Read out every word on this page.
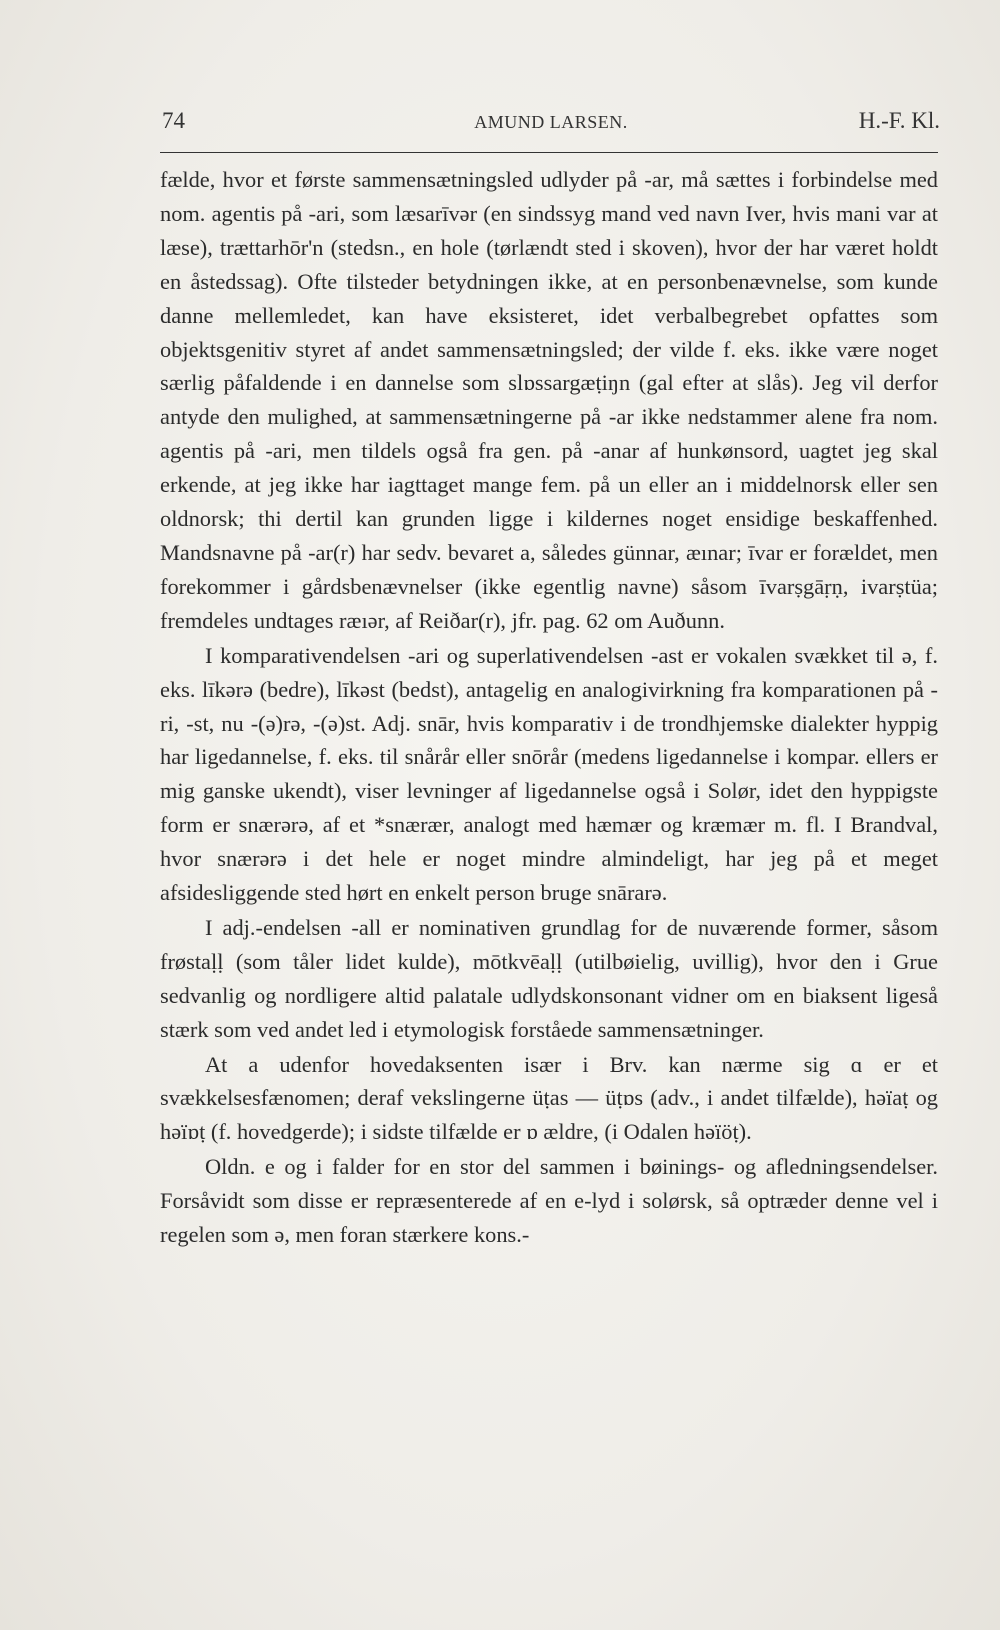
74	AMUND LARSEN.	H.-F. Kl.

fælde, hvor et første sammensætningsled udlyder på -ar, må sættes i forbindelse med nom. agentis på -ari, som læsarīvər (en sindssyg mand ved navn Iver, hvis mani var at læse), trættarhōr'n (stedsn., en hole (tørlændt sted i skoven), hvor der har været holdt en åstedssag). Ofte tilsteder betydningen ikke, at en personbenævnelse, som kunde danne mellemledet, kan have eksisteret, idet verbalbegrebet opfattes som objektsgenitiv styret af andet sammensætningsled; der vilde f. eks. ikke være noget særlig påfaldende i en dannelse som slɒssargæṭiŋn (gal efter at slås). Jeg vil derfor antyde den mulighed, at sammensætningerne på -ar ikke nedstammer alene fra nom. agentis på -ari, men tildels også fra gen. på -anar af hunkønsord, uagtet jeg skal erkende, at jeg ikke har iagttaget mange fem. på un eller an i middelnorsk eller sen oldnorsk; thi dertil kan grunden ligge i kildernes noget ensidige beskaffenhed. Mandsnavne på -ar(r) har sedv. bevaret a, således günnar, æınar; īvar er forældet, men forekommer i gårdsbenævnelser (ikke egentlig navne) såsom īvarṣgāṛṇ, ivarṣtüa; fremdeles undtages ræıər, af Reiðar(r), jfr. pag. 62 om Auðunn.

I komparativendelsen -ari og superlativendelsen -ast er vokalen svækket til ə, f. eks. līkərə (bedre), līkəst (bedst), antagelig en analogivirkning fra komparationen på -ri, -st, nu -(ə)rə, -(ə)st. Adj. snār, hvis komparativ i de trondhjemske dialekter hyppig har ligedannelse, f. eks. til snårår eller snōrår (medens ligedannelse i kompar. ellers er mig ganske ukendt), viser levninger af ligedannelse også i Solør, idet den hyppigste form er snærərə, af et *snærær, analogt med hæmær og kræmær m. fl. I Brandval, hvor snærərə i det hele er noget mindre almindeligt, har jeg på et meget afsidesliggende sted hørt en enkelt person bruge snārarə.

I adj.-endelsen -all er nominativen grundlag for de nuværende former, såsom frøstaḷḷ (som tåler lidet kulde), mōtkvēaḷḷ (utilbøielig, uvillig), hvor den i Grue sedvanlig og nordligere altid palatale udlydskonsonant vidner om en biaksent ligeså stærk som ved andet led i etymologisk forståede sammensætninger.

At a udenfor hovedaksenten især i Brv. kan nærme sig ɑ er et svækkelsesfænomen; deraf vekslingerne üṭas — üṭɒs (adv., i andet tilfælde), həïaṭ og həïɒṭ (f. hovedgerde); i sidste tilfælde er ɒ ældre, (i Odalen həïöṭ).

Oldn. e og i falder for en stor del sammen i bøinings- og afledningsendelser. Forsåvidt som disse er repræsenterede af en e-lyd i solørsk, så optræder denne vel i regelen som ə, men foran stærkere kons.-
